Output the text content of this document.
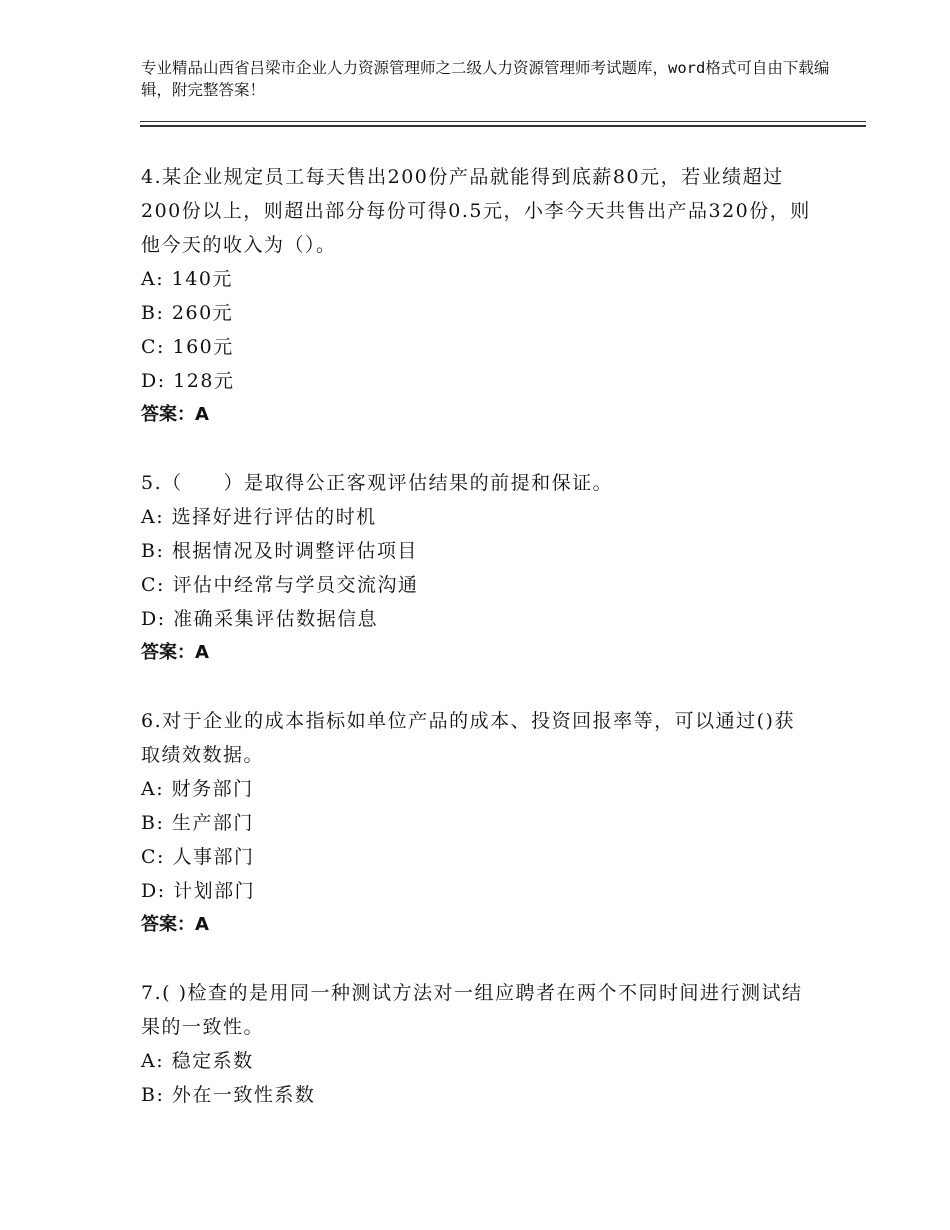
专业精品山西省吕梁市企业人力资源管理师之二级人力资源管理师考试题库，word格式可自由下载编辑，附完整答案！

4.某企业规定员工每天售出200份产品就能得到底薪80元，若业绩超过200份以上，则超出部分每份可得0.5元，小李今天共售出产品320份，则他今天的收入为（）。

A: 140元

B: 260元

C: 160元

D: 128元

答案：A

5.（　　）是取得公正客观评估结果的前提和保证。

A: 选择好进行评估的时机

B: 根据情况及时调整评估项目

C: 评估中经常与学员交流沟通

D: 准确采集评估数据信息

答案：A

6.对于企业的成本指标如单位产品的成本、投资回报率等，可以通过()获取绩效数据。

A: 财务部门

B: 生产部门

C: 人事部门

D: 计划部门

答案：A

7.( )检查的是用同一种测试方法对一组应聘者在两个不同时间进行测试结果的一致性。

A: 稳定系数

B: 外在一致性系数
